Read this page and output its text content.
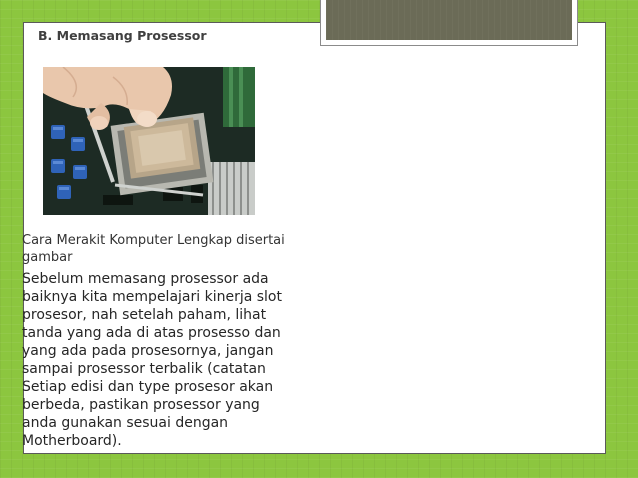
B. Memasang Prosessor
Cara Merakit Komputer Lengkap disertai
gambar
Sebelum memasang prosessor ada
baiknya kita mempelajari kinerja slot
prosesor, nah setelah paham, lihat
tanda yang ada di atas prosesso dan
yang ada pada prosesornya, jangan
sampai prosessor terbalik (catatan
Setiap edisi dan type prosesor akan
berbeda, pastikan prosessor yang
anda gunakan sesuai dengan
Motherboard).
